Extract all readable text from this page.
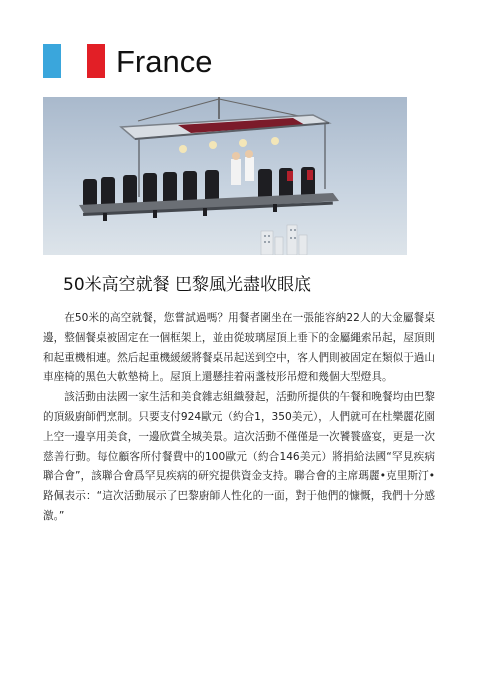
France
50米高空就餐 巴黎風光盡收眼底

在50米的高空就餐，您嘗試過嗎？用餐者圍坐在一張能容納22人的大金屬餐桌邊，整個餐桌被固定在一個框架上，並由從玻璃屋頂上垂下的金屬繩索吊起，屋頂則和起重機相連。然后起重機緩緩將餐桌吊起送到空中，客人們則被固定在類似于過山車座椅的黑色大軟墊椅上。屋頂上還懸挂着兩盞枝形吊燈和幾個大型燈具。

該活動由法國一家生活和美食雜志組織發起，活動所提供的午餐和晚餐均由巴黎的頂級廚師們烹制。只要支付924歐元（約合1，350美元），人們就可在杜樂麗花園上空一邊享用美食，一邊欣賞全城美景。這次活動不僅僅是一次饕餮盛宴，更是一次慈善行動。每位顧客所付餐費中的100歐元（約合146美元）將捐給法國“罕見疾病聯合會”，該聯合會爲罕見疾病的研究提供資金支持。聯合會的主席瑪麗•克里斯汀•路佩表示：“這次活動展示了巴黎廚師人性化的一面，對于他們的慷慨，我們十分感激。”
